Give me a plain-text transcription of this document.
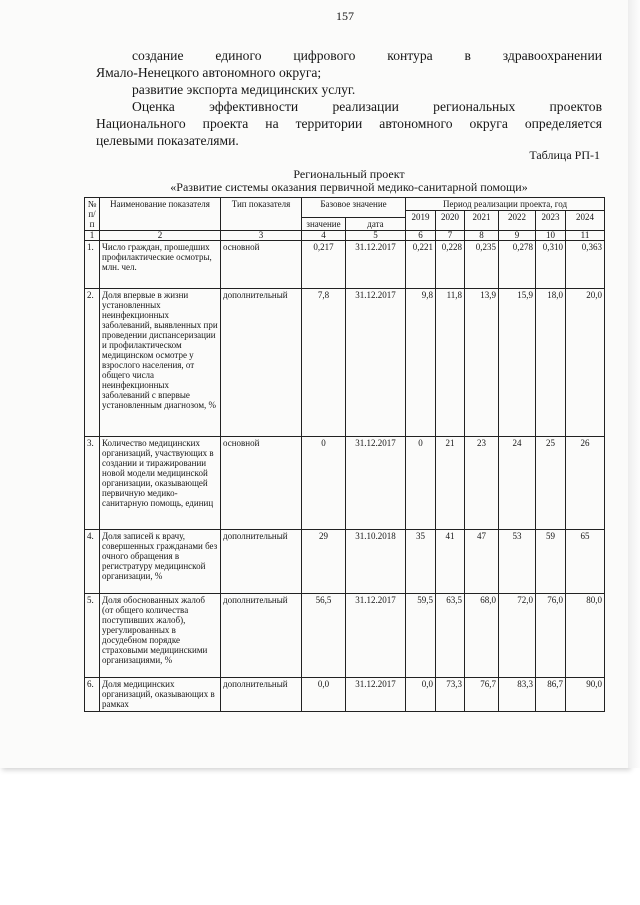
157
создание единого цифрового контура в здравоохранении
Ямало-Ненецкого автономного округа;
развитие экспорта медицинских услуг.
Оценка эффективности реализации региональных проектов
Национального проекта на территории автономного округа определяется
целевыми показателями.
Таблица РП-1
Региональный проект
«Развитие системы оказания первичной медико-санитарной помощи»
№ п/п	Наименование показателя	Тип показателя	Базовое значение		Период реализации проекта, год					
					2019	2020	2021	2022	2023	2024
			значение	дата						
1	2	3	4	5	6	7	8	9	10	11
1.	Число граждан, прошедших профилактические осмотры, млн. чел.	основной	0,217	31.12.2017	0,221	0,228	0,235	0,278	0,310	0,363
2.	Доля впервые в жизни установленных неинфекционных заболеваний, выявленных при проведении диспансеризации и профилактическом медицинском осмотре у взрослого населения, от общего числа неинфекционных заболеваний с впервые установленным диагнозом, %	дополнительный	7,8	31.12.2017	9,8	11,8	13,9	15,9	18,0	20,0
3.	Количество медицинских организаций, участвующих в создании и тиражировании новой модели медицинской организации, оказывающей первичную медико-санитарную помощь, единиц	основной	0	31.12.2017	0	21	23	24	25	26
4.	Доля записей к врачу, совершенных гражданами без очного обращения в регистратуру медицинской организации, %	дополнительный	29	31.10.2018	35	41	47	53	59	65
5.	Доля обоснованных жалоб (от общего количества поступивших жалоб), урегулированных в досудебном порядке страховыми медицинскими организациями, %	дополнительный	56,5	31.12.2017	59,5	63,5	68,0	72,0	76,0	80,0
6.	Доля медицинских организаций, оказывающих в рамках	дополнительный	0,0	31.12.2017	0,0	73,3	76,7	83,3	86,7	90,0
